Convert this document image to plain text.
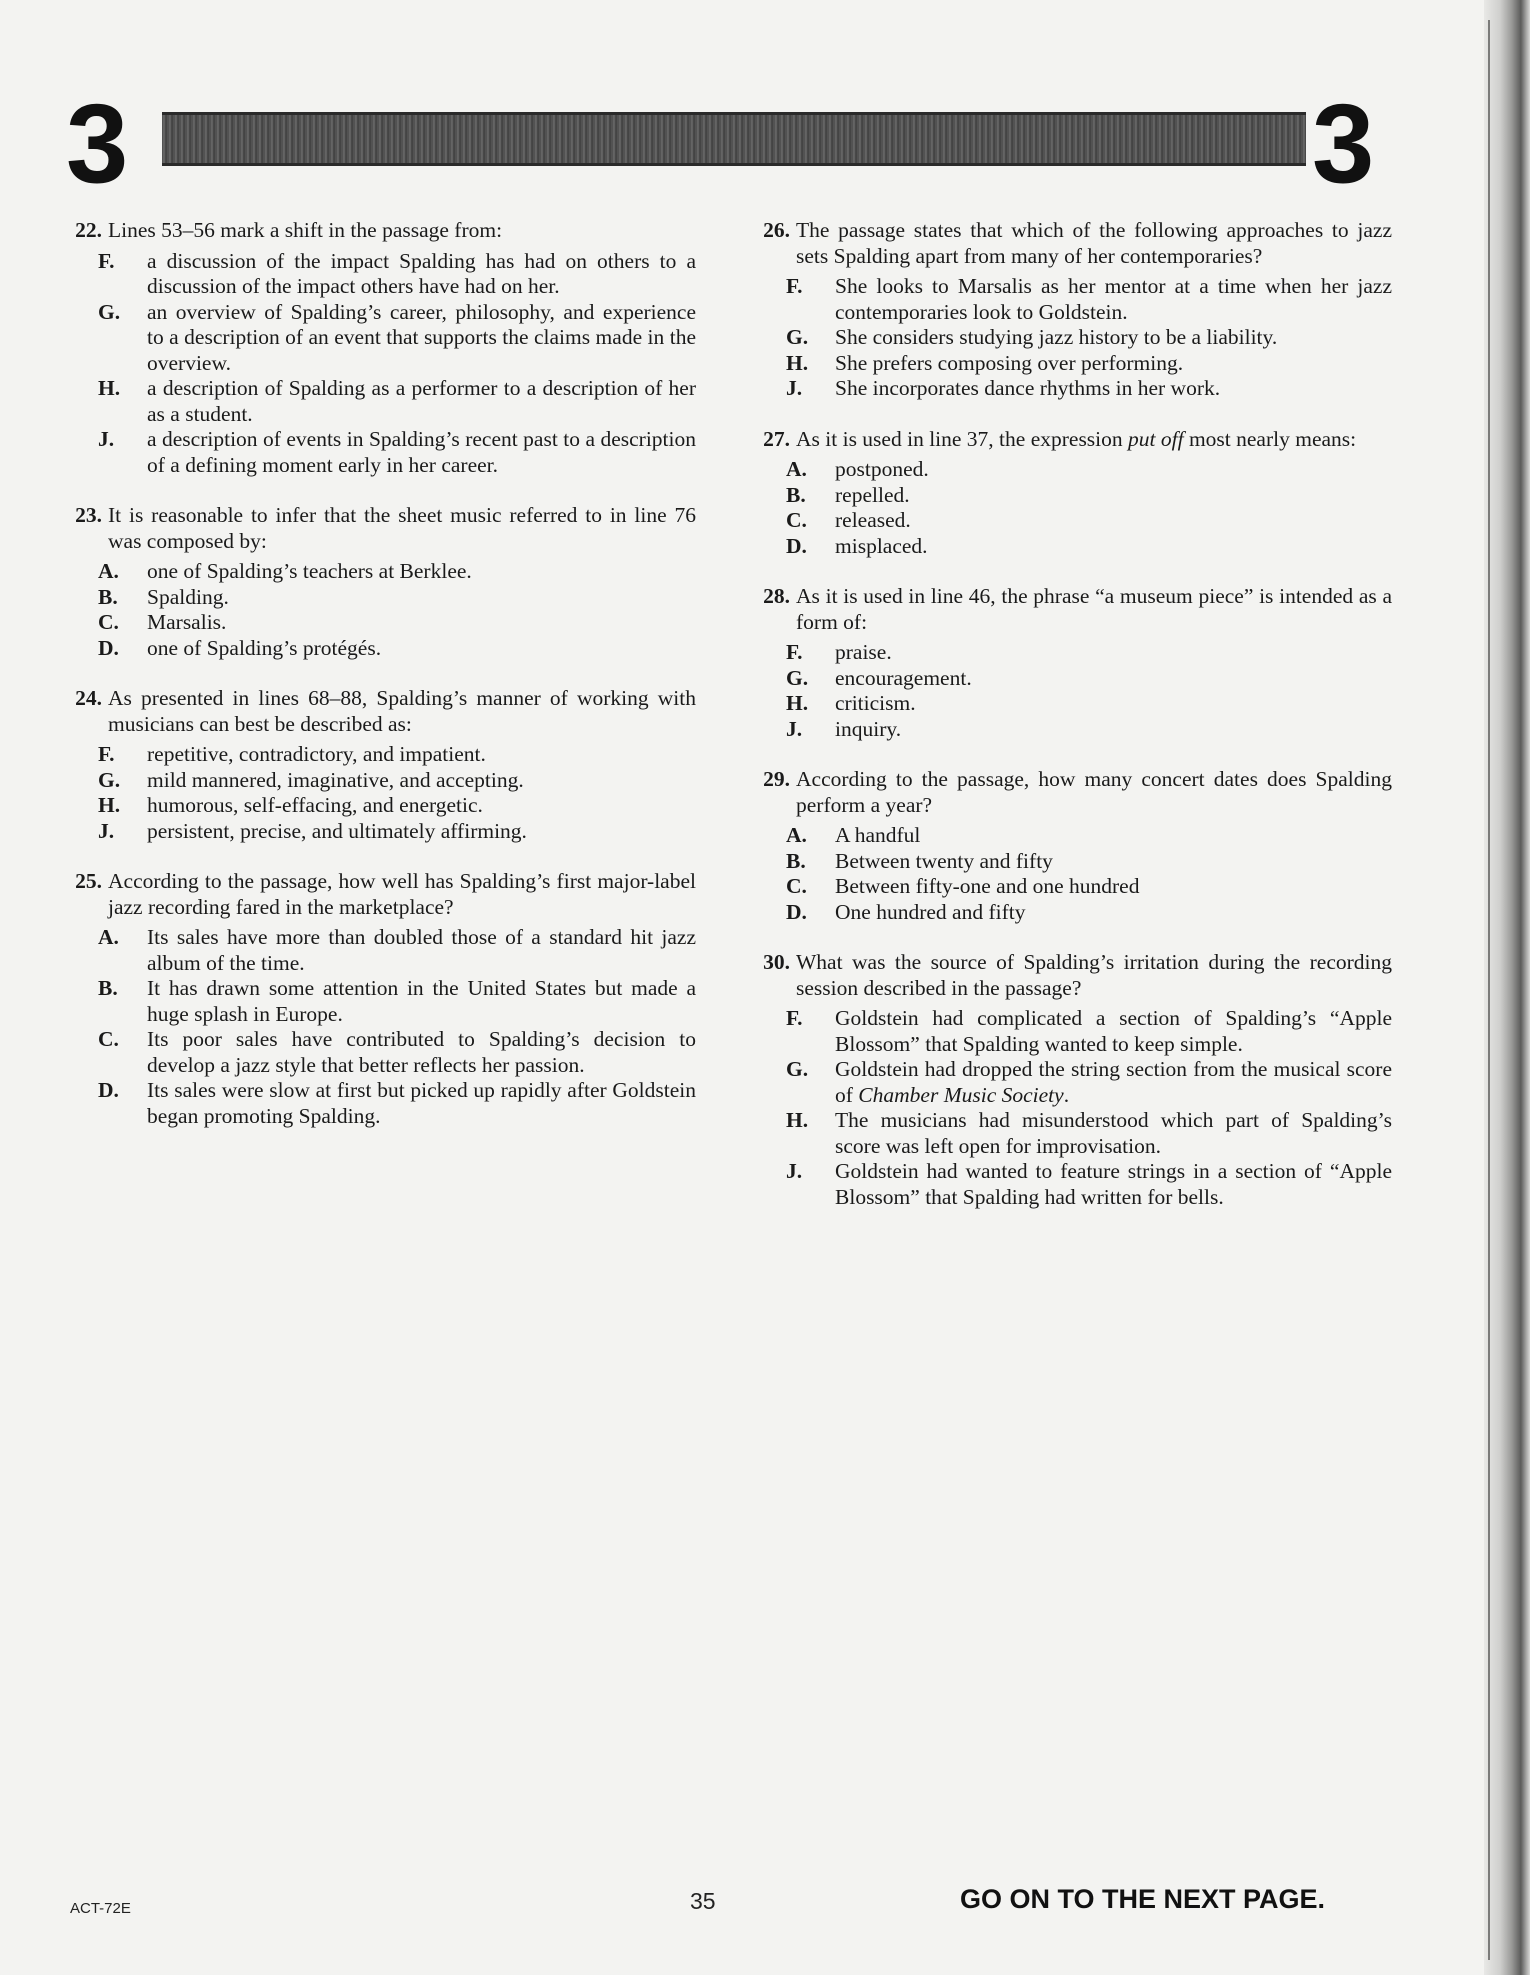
3	3
22. Lines 53–56 mark a shift in the passage from:
F.	a discussion of the impact Spalding has had on others to a discussion of the impact others have had on her.
G.	an overview of Spalding’s career, philosophy, and experience to a description of an event that supports the claims made in the overview.
H.	a description of Spalding as a performer to a description of her as a student.
J.	a description of events in Spalding’s recent past to a description of a defining moment early in her career.
23. It is reasonable to infer that the sheet music referred to in line 76 was composed by:
A.	one of Spalding’s teachers at Berklee.
B.	Spalding.
C.	Marsalis.
D.	one of Spalding’s protégés.
24. As presented in lines 68–88, Spalding’s manner of working with musicians can best be described as:
F.	repetitive, contradictory, and impatient.
G.	mild mannered, imaginative, and accepting.
H.	humorous, self-effacing, and energetic.
J.	persistent, precise, and ultimately affirming.
25. According to the passage, how well has Spalding’s first major-label jazz recording fared in the marketplace?
A.	Its sales have more than doubled those of a standard hit jazz album of the time.
B.	It has drawn some attention in the United States but made a huge splash in Europe.
C.	Its poor sales have contributed to Spalding’s decision to develop a jazz style that better reflects her passion.
D.	Its sales were slow at first but picked up rapidly after Goldstein began promoting Spalding.
26. The passage states that which of the following approaches to jazz sets Spalding apart from many of her contemporaries?
F.	She looks to Marsalis as her mentor at a time when her jazz contemporaries look to Goldstein.
G.	She considers studying jazz history to be a liability.
H.	She prefers composing over performing.
J.	She incorporates dance rhythms in her work.
27. As it is used in line 37, the expression put off most nearly means:
A.	postponed.
B.	repelled.
C.	released.
D.	misplaced.
28. As it is used in line 46, the phrase “a museum piece” is intended as a form of:
F.	praise.
G.	encouragement.
H.	criticism.
J.	inquiry.
29. According to the passage, how many concert dates does Spalding perform a year?
A.	A handful
B.	Between twenty and fifty
C.	Between fifty-one and one hundred
D.	One hundred and fifty
30. What was the source of Spalding’s irritation during the recording session described in the passage?
F.	Goldstein had complicated a section of Spalding’s “Apple Blossom” that Spalding wanted to keep simple.
G.	Goldstein had dropped the string section from the musical score of Chamber Music Society.
H.	The musicians had misunderstood which part of Spalding’s score was left open for improvisation.
J.	Goldstein had wanted to feature strings in a section of “Apple Blossom” that Spalding had written for bells.
ACT-72E	35	GO ON TO THE NEXT PAGE.
